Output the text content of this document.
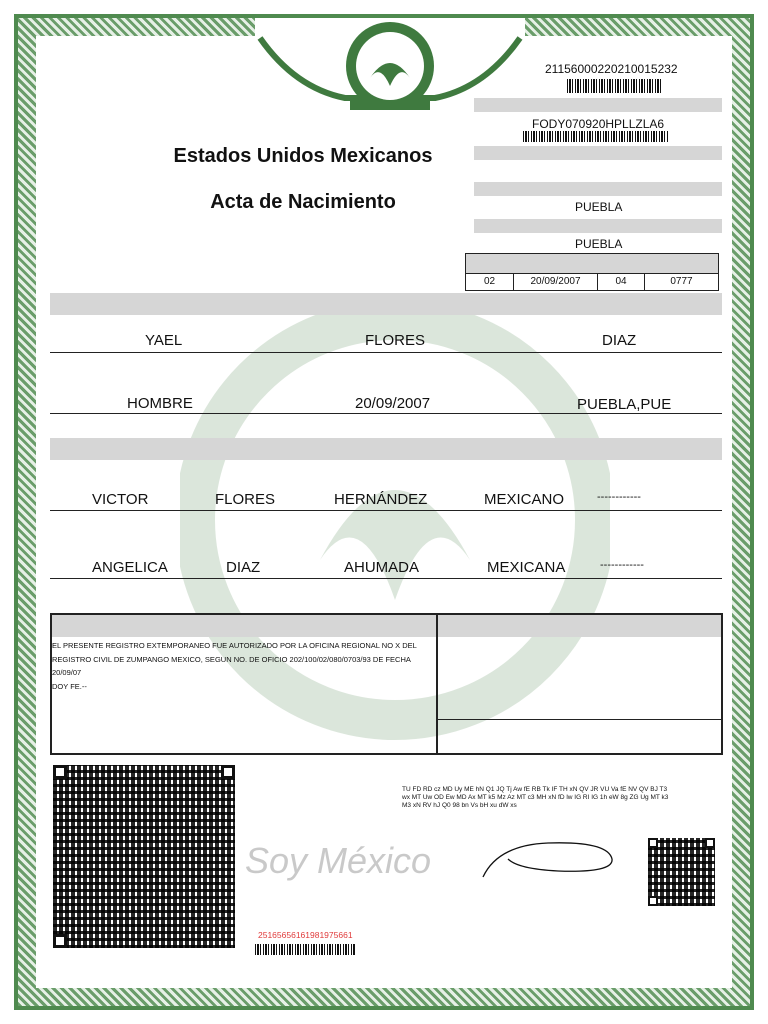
21156000220210015232
FODY070920HPLLZLA6
PUEBLA
PUEBLA
Estados Unidos Mexicanos
Acta de Nacimiento
02	20/09/2007	04	0777
YAEL	FLORES	DIAZ
HOMBRE	20/09/2007	PUEBLA,PUE
VICTOR	FLORES	HERNÁNDEZ	MEXICANO	------------
ANGELICA	DIAZ	AHUMADA	MEXICANA	------------
EL PRESENTE REGISTRO EXTEMPORANEO FUE AUTORIZADO POR LA OFICINA REGIONAL NO X DEL
REGISTRO CIVIL DE ZUMPANGO MEXICO, SEGUN NO. DE OFICIO 202/100/02/080/0703/93 DE FECHA
20/09/07
DOY FE.--
TU FD RD cz MD Uy ME hN Q1 JQ Tj Aw fE RB Tk IF TH xN QV JR VU Va fE NV QV BJ T3 wx MT Uw OD Ew MD Ax MT k5 Mz Az MT c3 MH xN fD lw IG RI IG 1h eW 8g ZG Ug MT k3 M3 xN RV hJ Q0 98 bn Vs bH xu dW xs
Soy México
2516565616198197566​1
